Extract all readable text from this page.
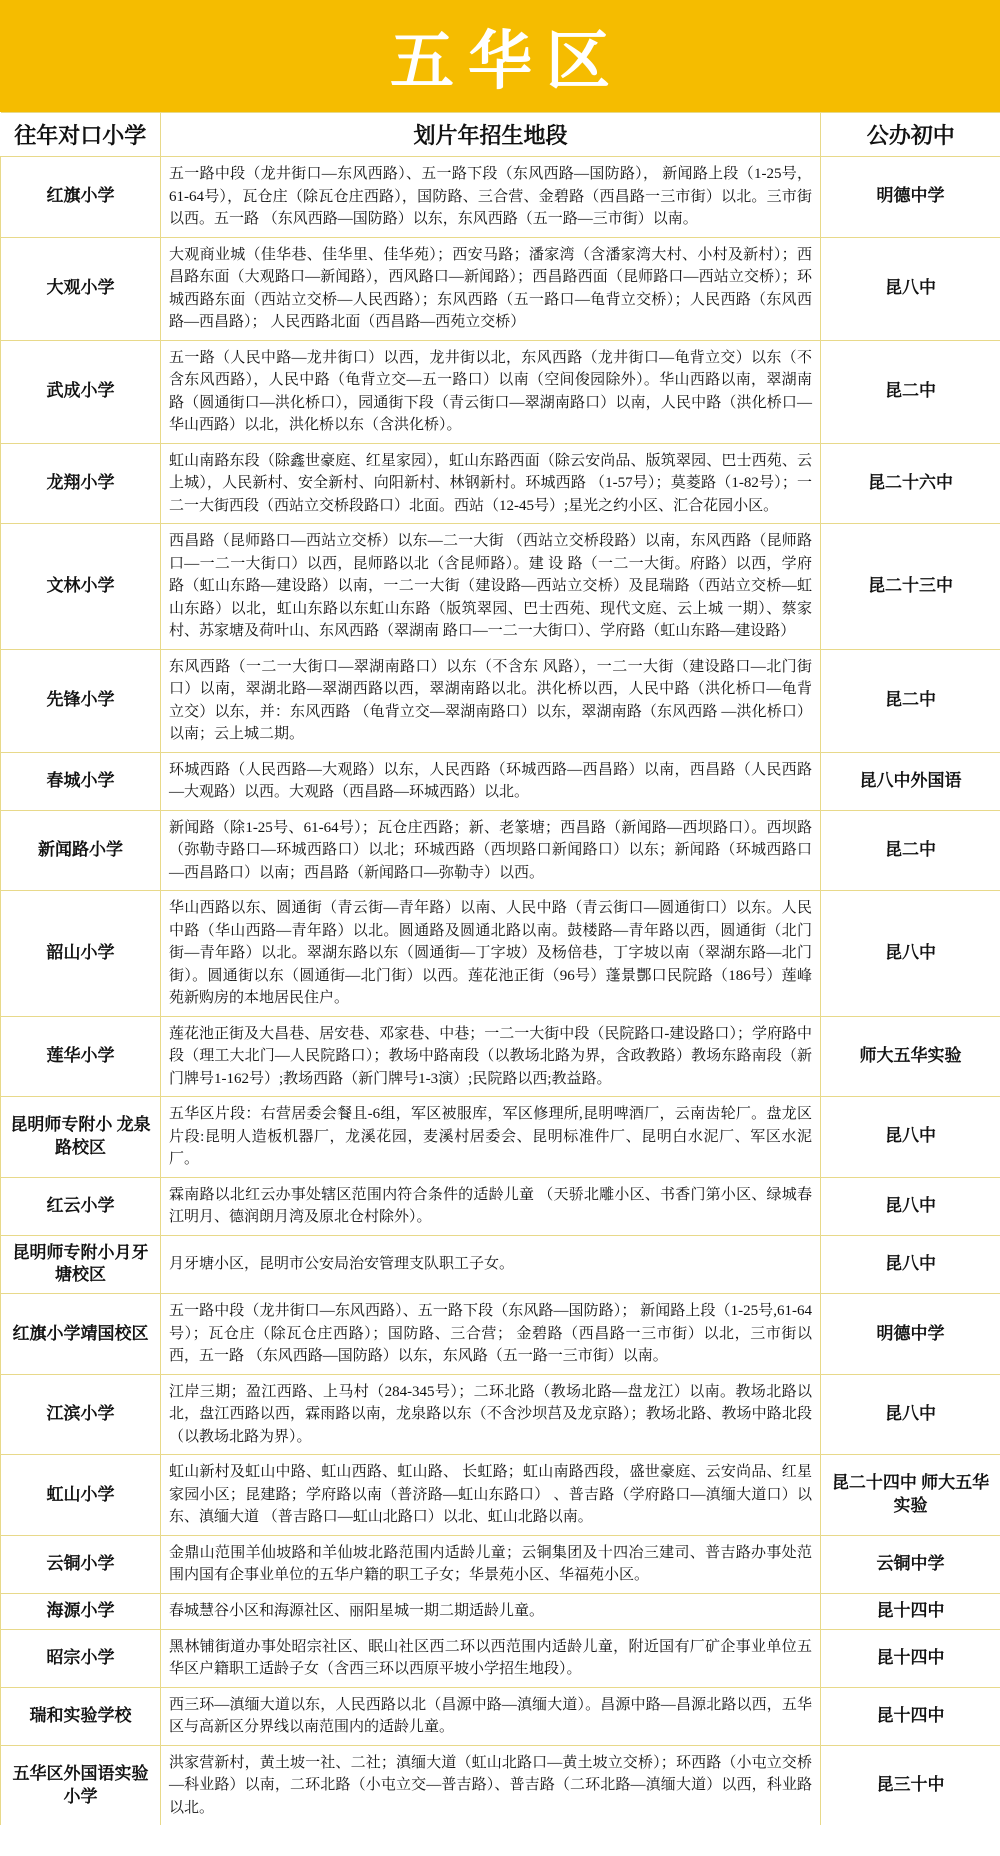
五华区
往年对口小学	划片年招生地段	公办初中
红旗小学	五一路中段（龙井街口—东风西路）、五一路下段（东风西路—国防路）， 新闻路上段（1-25号，61-64号），瓦仓庄（除瓦仓庄西路），国防路、三合营、金碧路（西昌路一三市街）以北。三市街以西。五一路 （东风西路—国防路）以东，东风西路（五一路—三市街）以南。	明德中学
大观小学	大观商业城（佳华巷、佳华里、佳华苑）；西安马路；潘家湾（含潘家湾大村、小村及新村）；西昌路东面（大观路口—新闻路），西风路口—新闻路）；西昌路西面（昆师路口—西站立交桥）；环城西路东面（西站立交桥—人民西路）；东风西路（五一路口—龟背立交桥）；人民西路（东风西路—西昌路）； 人民西路北面（西昌路—西苑立交桥）	昆八中
武成小学	五一路（人民中路—龙井街口）以西，龙井街以北，东风西路（龙井街口—龟背立交）以东（不含东风西路），人民中路（龟背立交—五一路口）以南（空间俊园除外）。华山西路以南，翠湖南路（圆通街口—洪化桥口），园通街下段（青云街口—翠湖南路口）以南，人民中路（洪化桥口—华山西路）以北，洪化桥以东（含洪化桥）。	昆二中
龙翔小学	虹山南路东段（除鑫世豪庭、红星家园），虹山东路西面（除云安尚品、版筑翠园、巴士西苑、云上城），人民新村、安全新村、向阳新村、林钢新村。环城西路 （1-57号）；莫菱路（1-82号）；一二一大街西段（西站立交桥段路口）北面。西站（12-45号）;星光之约小区、汇合花园小区。	昆二十六中
文林小学	西昌路（昆师路口—西站立交桥）以东—二一大街 （西站立交桥段路）以南，东风西路（昆师路口—一二一大街口）以西，昆师路以北（含昆师路）。建 设 路（一二一大街。府路）以西，学府路（虹山东路—建设路）以南，一二一大街（建设路—西站立交桥）及昆瑞路（西站立交桥—虹山东路）以北，虹山东路以东虹山东路（版筑翠园、巴士西苑、现代文庭、云上城 一期）、蔡家村、苏家塘及荷叶山、东风西路（翠湖南 路口—一二一大街口）、学府路（虹山东路—建设路）	昆二十三中
先锋小学	东风西路（一二一大街口—翠湖南路口）以东（不含东 风路），一二一大街（建设路口—北门街口）以南，翠湖北路—翠湖西路以西，翠湖南路以北。洪化桥以西，人民中路（洪化桥口—龟背立交）以东，并：东风西路 （龟背立交—翠湖南路口）以东，翠湖南路（东风西路 —洪化桥口）以南；云上城二期。	昆二中
春城小学	环城西路（人民西路—大观路）以东，人民西路（环城西路—西昌路）以南，西昌路（人民西路—大观路）以西。大观路（西昌路—环城西路）以北。	昆八中外国语
新闻路小学	新闻路（除1-25号、61-64号）；瓦仓庄西路；新、老篆塘；西昌路（新闻路—西坝路口）。西坝路（弥勒寺路口—环城西路口）以北；环城西路（西坝路口新闻路口）以东；新闻路（环城西路口—西昌路口）以南；西昌路（新闻路口—弥勒寺）以西。	昆二中
韶山小学	华山西路以东、圆通街（青云街—青年路）以南、人民中路（青云街口—圆通街口）以东。人民中路（华山西路—青年路）以北。圆通路及圆通北路以南。鼓楼路—青年路以西，圆通街（北门街—青年路）以北。翠湖东路以东（圆通街—丁字坡）及杨倍巷，丁字坡以南（翠湖东路—北门街）。圆通街以东（圆通街—北门街）以西。莲花池正街（96号）蓬景酆口民院路（186号）莲峰 苑新购房的本地居民住户。	昆八中
莲华小学	莲花池正街及大昌巷、居安巷、邓家巷、中巷；一二一大街中段（民院路口-建设路口）；学府路中段（理工大北门—人民院路口）；教场中路南段（以教场北路为界，含政教路）教场东路南段（新门牌号1-162号）;教场西路（新门牌号1-3演）;民院路以西;教益路。	师大五华实验
昆明师专附小 龙泉路校区	五华区片段：右营居委会餐且-6组，军区被服库，军区修理所,昆明啤酒厂，云南齿轮厂。盘龙区片段:昆明人造板机器厂，龙溪花园，麦溪村居委会、昆明标准件厂、昆明白水泥厂、军区水泥厂。	昆八中
红云小学	霖南路以北红云办事处辖区范围内符合条件的适龄儿童 （天骄北雕小区、书香门第小区、绿城春江明月、德润朗月湾及原北仓村除外）。	昆八中
昆明师专附小月牙塘校区	月牙塘小区，昆明市公安局治安管理支队职工子女。	昆八中
红旗小学靖国校区	五一路中段（龙井街口—东风西路）、五一路下段（东风路—国防路）； 新闻路上段（1-25号,61-64号）；瓦仓庄（除瓦仓庄西路）；国防路、三合营； 金碧路（西昌路一三市街）以北，三市街以西，五一路 （东风西路—国防路）以东，东风路（五一路一三市街）以南。	明德中学
江滨小学	江岸三期；盈江西路、上马村（284-345号）；二环北路（教场北路—盘龙江）以南。教场北路以北，盘江西路以西，霖雨路以南，龙泉路以东（不含沙坝莒及龙京路）；教场北路、教场中路北段（以教场北路为界）。	昆八中
虹山小学	虹山新村及虹山中路、虹山西路、虹山路、 长虹路；虹山南路西段，盛世豪庭、云安尚品、红星家园小区；昆建路；学府路以南（普济路—虹山东路口） 、普吉路（学府路口—滇缅大道口）以东、滇缅大道 （普吉路口—虹山北路口）以北、虹山北路以南。	昆二十四中 师大五华实验
云铜小学	金鼎山范围羊仙坡路和羊仙坡北路范围内适龄儿童；云铜集团及十四冶三建司、普吉路办事处范围内国有企事业单位的五华户籍的职工子女；华景苑小区、华福苑小区。	云铜中学
海源小学	春城慧谷小区和海源社区、丽阳星城一期二期适龄儿童。	昆十四中
昭宗小学	黑林铺街道办事处昭宗社区、眠山社区西二环以西范围内适龄儿童，附近国有厂矿企事业单位五华区户籍职工适龄子女（含西三环以西原平坡小学招生地段）。	昆十四中
瑞和实验学校	西三环—滇缅大道以东，人民西路以北（昌源中路—滇缅大道）。昌源中路—昌源北路以西，五华区与高新区分界线以南范围内的适龄儿童。	昆十四中
五华区外国语实验小学	洪家营新村，黄土坡一社、二社；滇缅大道（虹山北路口—黄土坡立交桥）；环西路（小屯立交桥—科业路）以南，二环北路（小屯立交—普吉路）、普吉路（二环北路—滇缅大道）以西，科业路以北。	昆三十中
